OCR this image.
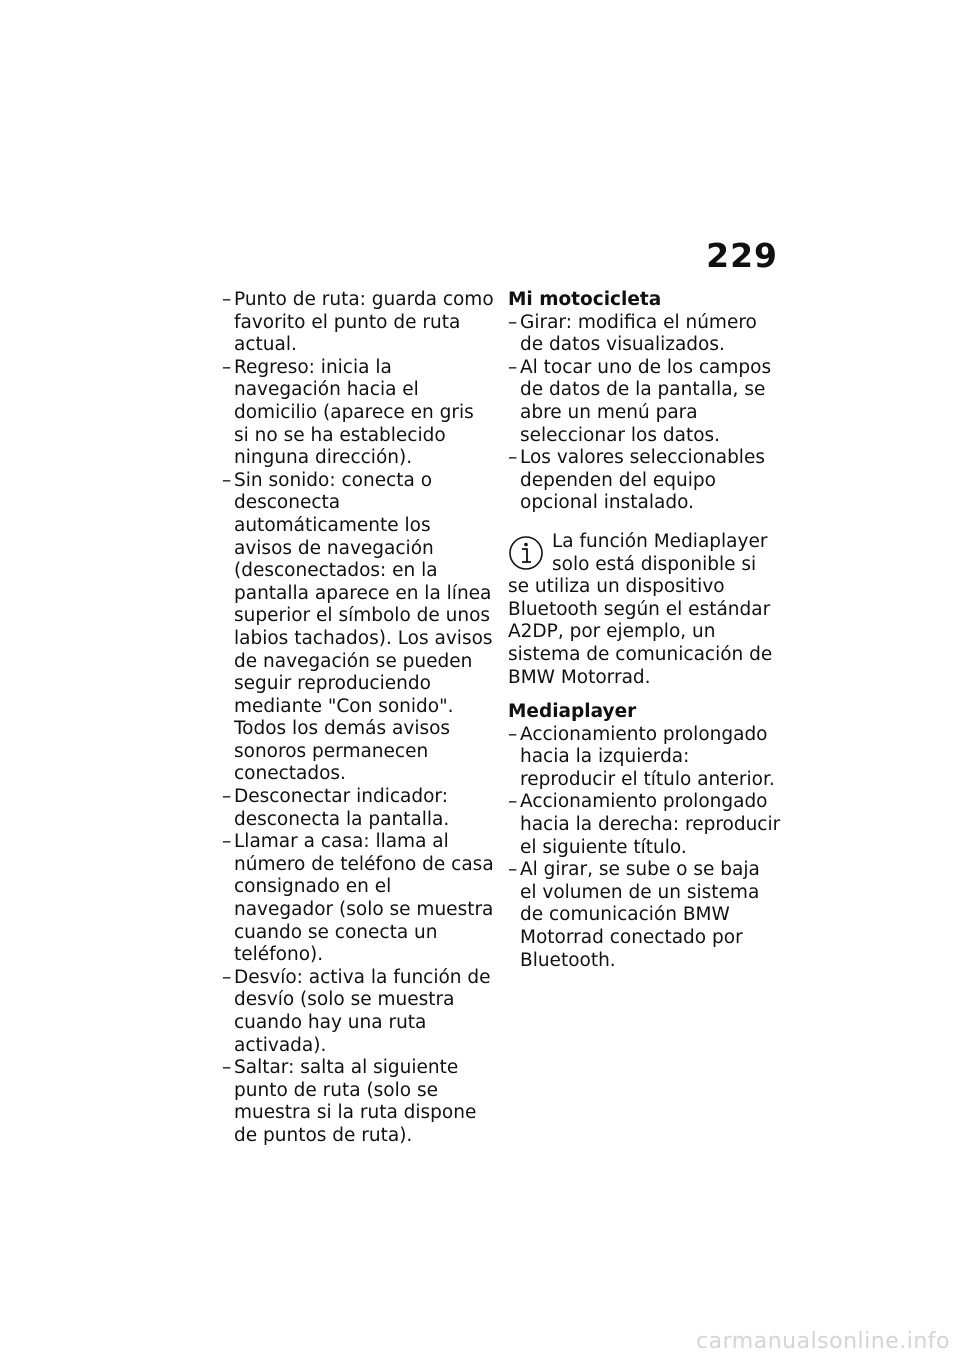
229
– Punto de ruta: guarda como favorito el punto de ruta actual.
– Regreso: inicia la navegación hacia el domicilio (aparece en gris si no se ha establecido ninguna dirección).
– Sin sonido: conecta o desconecta automáticamente los avisos de navegación (desconectados: en la pantalla aparece en la línea superior el símbolo de unos labios tachados). Los avisos de navegación se pueden seguir reproduciendo mediante "Con sonido". Todos los demás avisos sonoros permanecen conectados.
– Desconectar indicador: desconecta la pantalla.
– Llamar a casa: llama al número de teléfono de casa consignado en el navegador (solo se muestra cuando se conecta un teléfono).
– Desvío: activa la función de desvío (solo se muestra cuando hay una ruta activada).
– Saltar: salta al siguiente punto de ruta (solo se muestra si la ruta dispone de puntos de ruta).
Mi motocicleta
– Girar: modifica el número de datos visualizados.
– Al tocar uno de los campos de datos de la pantalla, se abre un menú para seleccionar los datos.
– Los valores seleccionables dependen del equipo opcional instalado.
La función Mediaplayer solo está disponible si se utiliza un dispositivo Bluetooth según el estándar A2DP, por ejemplo, un sistema de comunicación de BMW Motorrad.
Mediaplayer
– Accionamiento prolongado hacia la izquierda: reproducir el título anterior.
– Accionamiento prolongado hacia la derecha: reproducir el siguiente título.
– Al girar, se sube o se baja el volumen de un sistema de comunicación BMW Motorrad conectado por Bluetooth.
carmanualsonline.info
